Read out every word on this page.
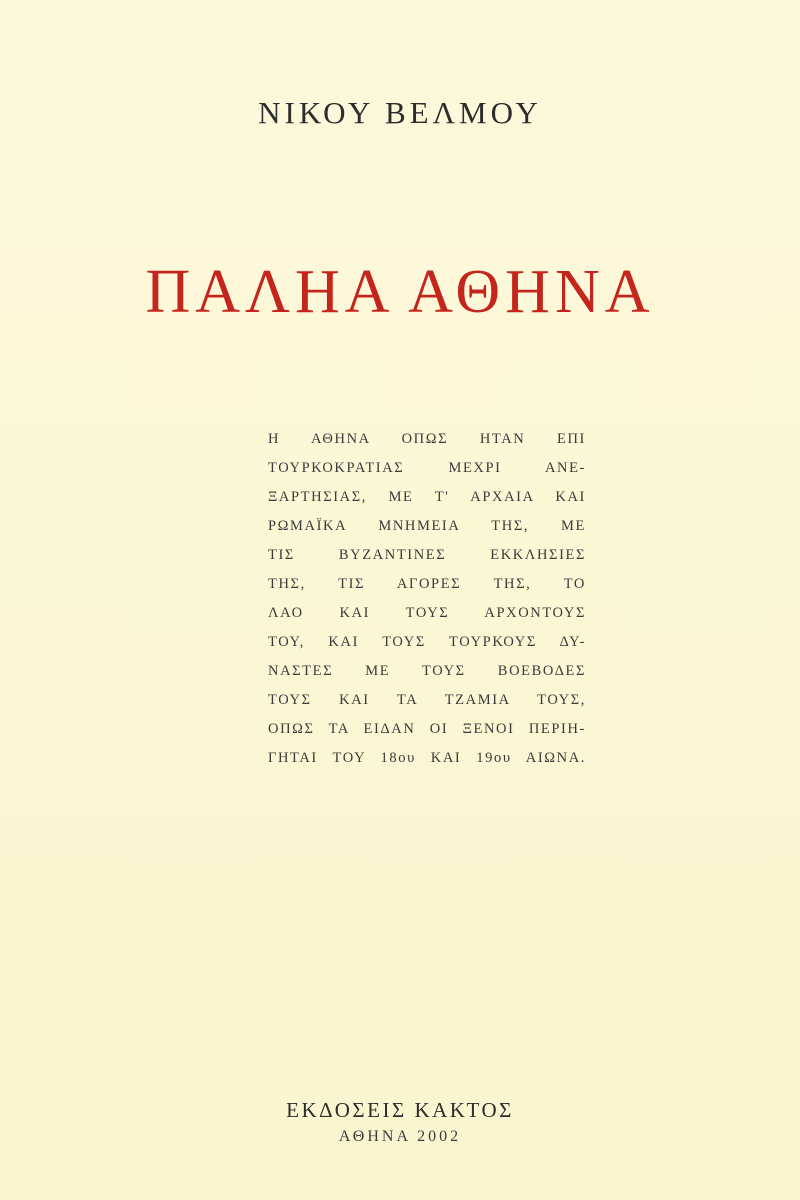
ΝΙΚΟΥ ΒΕΛΜΟΥ
ΠΑΛΗΑ ΑΘΗΝΑ
Η ΑΘΗΝΑ ΟΠΩΣ ΗΤΑΝ ΕΠΙ
ΤΟΥΡΚΟΚΡΑΤΙΑΣ ΜΕΧΡΙ ΑΝΕ-
ΞΑΡΤΗΣΙΑΣ, ΜΕ Τ' ΑΡΧΑΙΑ ΚΑΙ
ΡΩΜΑΪΚΑ ΜΝΗΜΕΙΑ ΤΗΣ, ΜΕ
ΤΙΣ ΒΥΖΑΝΤΙΝΕΣ ΕΚΚΛΗΣΙΕΣ
ΤΗΣ, ΤΙΣ ΑΓΟΡΕΣ ΤΗΣ, ΤΟ
ΛΑΟ ΚΑΙ ΤΟΥΣ ΑΡΧΟΝΤΟΥΣ
ΤΟΥ, ΚΑΙ ΤΟΥΣ ΤΟΥΡΚΟΥΣ ΔΥ-
ΝΑΣΤΕΣ ΜΕ ΤΟΥΣ ΒΟΕΒΟΔΕΣ
ΤΟΥΣ ΚΑΙ ΤΑ ΤΖΑΜΙΑ ΤΟΥΣ,
ΟΠΩΣ ΤΑ ΕΙΔΑΝ ΟΙ ΞΕΝΟΙ ΠΕΡΙΗ-
ΓΗΤΑΙ ΤΟΥ 18ου ΚΑΙ 19ου ΑΙΩΝΑ.
ΕΚΔΟΣΕΙΣ ΚΑΚΤΟΣ
ΑΘΗΝΑ 2002
